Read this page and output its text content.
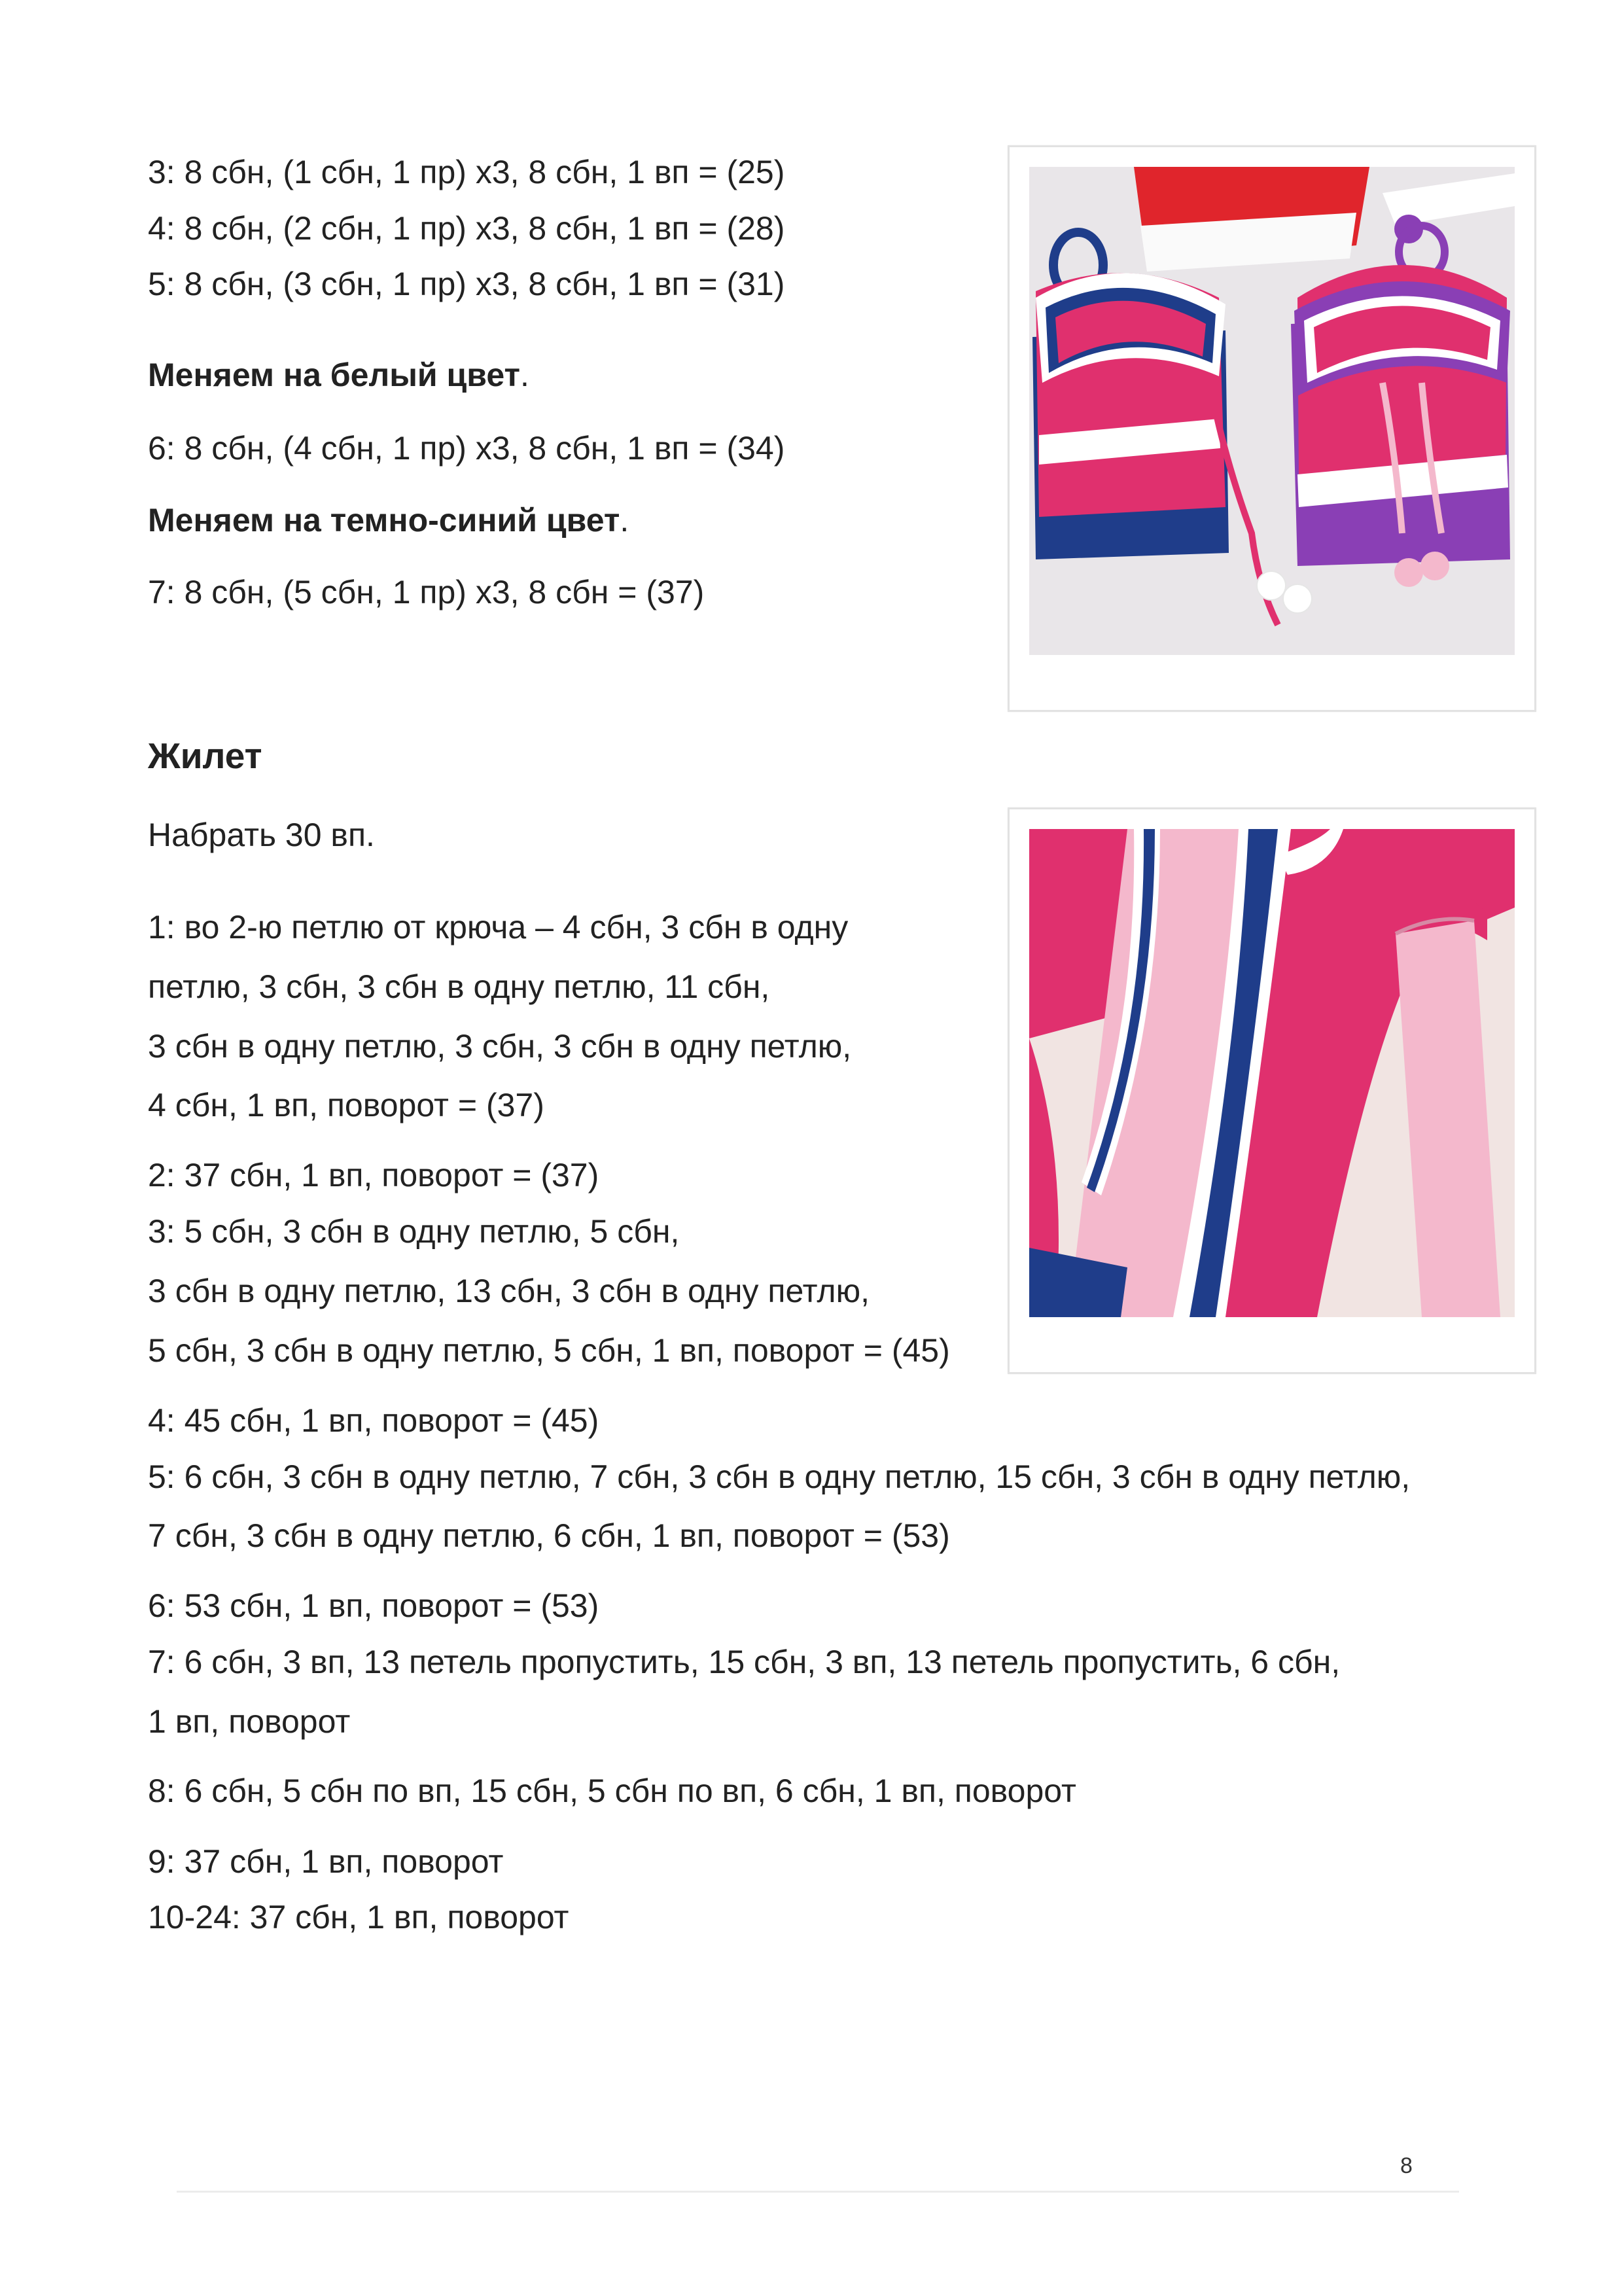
3: 8 сбн, (1 сбн, 1 пр) х3, 8 сбн, 1 вп = (25)
4: 8 сбн, (2 сбн, 1 пр) х3, 8 сбн, 1 вп = (28)
5: 8 сбн, (3 сбн, 1 пр) х3, 8 сбн, 1 вп = (31)
Меняем на белый цвет.
6: 8 сбн, (4 сбн, 1 пр) х3, 8 сбн, 1 вп = (34)
Меняем на темно-синий цвет.
7: 8 сбн, (5 сбн, 1 пр) х3, 8 сбн = (37)
Жилет
Набрать 30 вп.
1: во 2-ю петлю от крюча – 4 сбн, 3 сбн в одну
петлю, 3 сбн, 3 сбн в одну петлю, 11 сбн,
3 сбн в одну петлю, 3 сбн, 3 сбн в одну петлю,
4 сбн, 1 вп, поворот = (37)
2: 37 сбн, 1 вп, поворот = (37)
3: 5 сбн, 3 сбн в одну петлю, 5 сбн,
3 сбн в одну петлю, 13 сбн, 3 сбн в одну петлю,
5 сбн, 3 сбн в одну петлю, 5 сбн, 1 вп, поворот = (45)
4: 45 сбн, 1 вп, поворот = (45)
5: 6 сбн, 3 сбн в одну петлю, 7 сбн, 3 сбн в одну петлю, 15 сбн, 3 сбн в одну петлю,
7 сбн, 3 сбн в одну петлю, 6 сбн, 1 вп, поворот = (53)
6: 53 сбн, 1 вп, поворот = (53)
7: 6 сбн, 3 вп, 13 петель пропустить, 15 сбн, 3 вп, 13 петель пропустить, 6 сбн,
1 вп, поворот
8: 6 сбн, 5 сбн по вп, 15 сбн, 5 сбн по вп, 6 сбн, 1 вп, поворот
9: 37 сбн, 1 вп, поворот
10-24: 37 сбн, 1 вп, поворот
8
